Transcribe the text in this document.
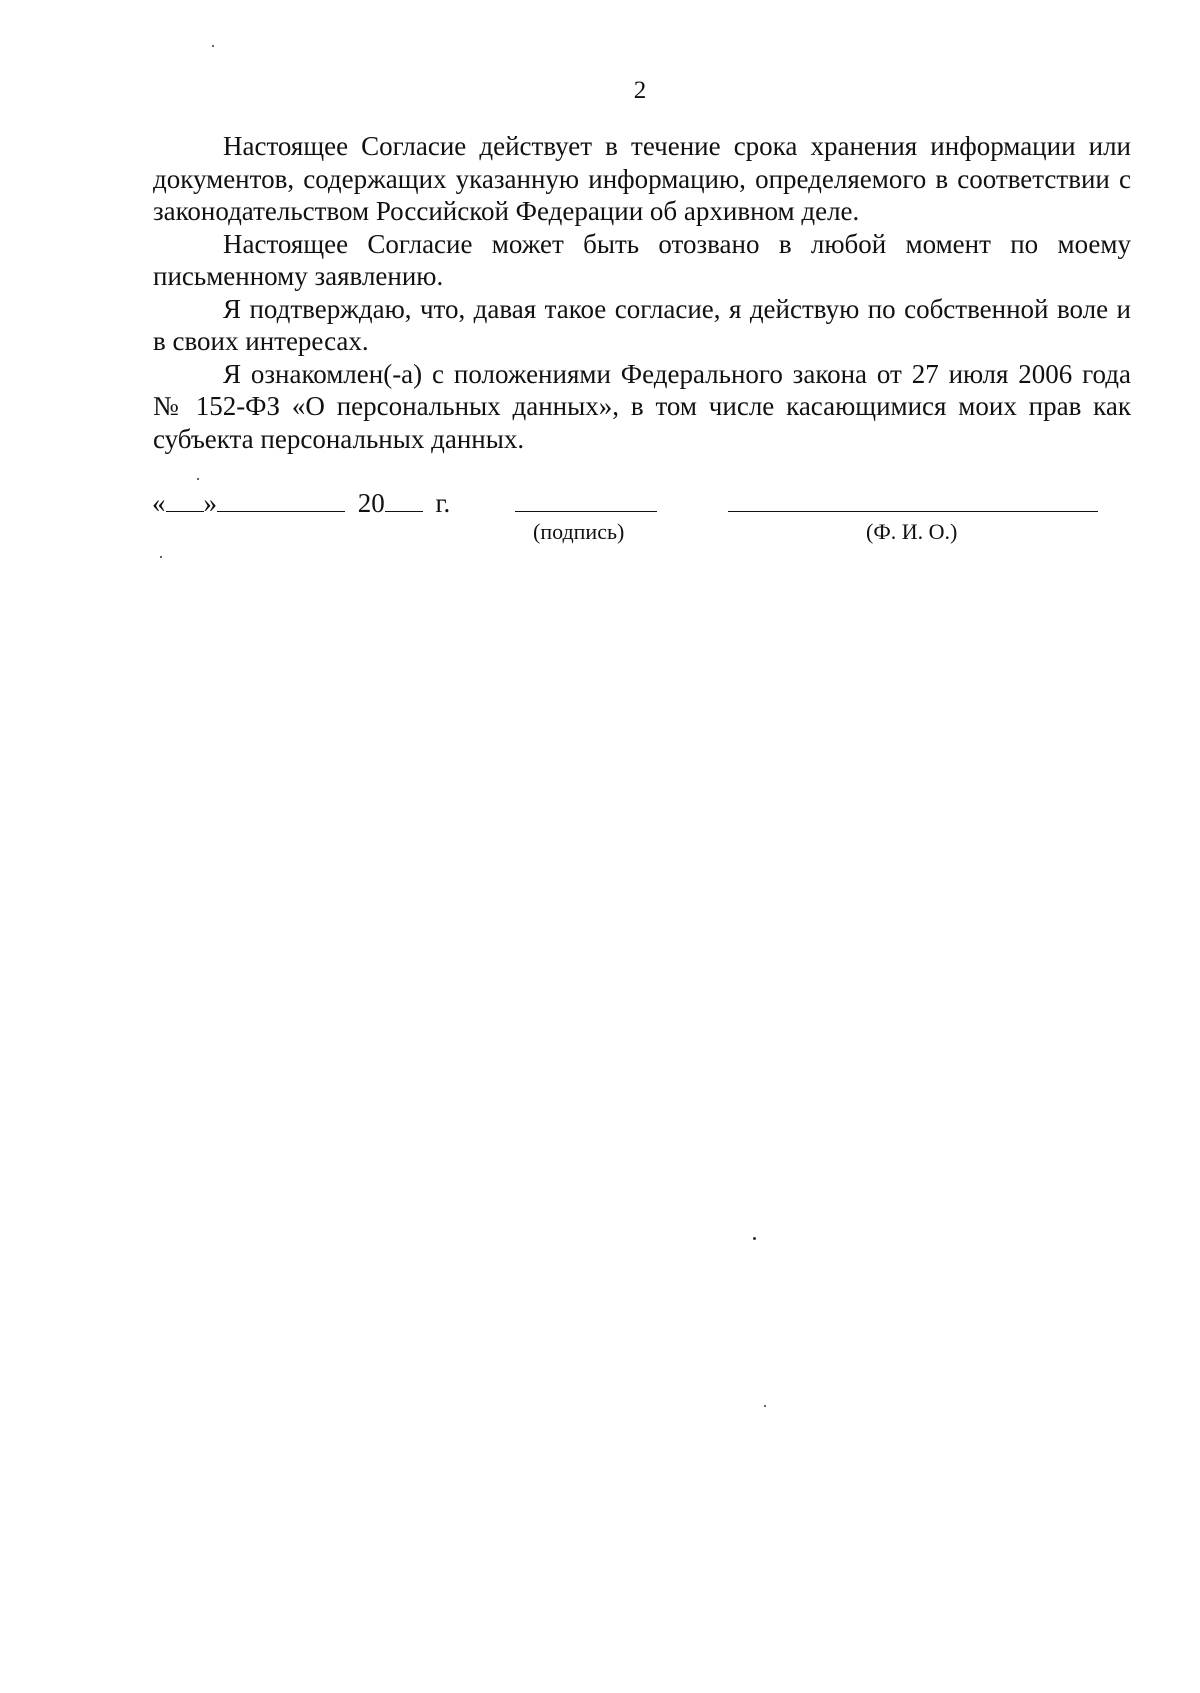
2

Настоящее Согласие действует в течение срока хранения информации или документов, содержащих указанную информацию, определяемого в соответствии с законодательством Российской Федерации об архивном деле.

Настоящее Согласие может быть отозвано в любой момент по моему письменному заявлению.

Я подтверждаю, что, давая такое согласие, я действую по собственной воле и в своих интересах.

Я ознакомлен(-а) с положениями Федерального закона от 27 июля 2006 года № 152-ФЗ «О персональных данных», в том числе касающимися моих прав как субъекта персональных данных.

« »	20 г.
(подпись)	(Ф. И. О.)
